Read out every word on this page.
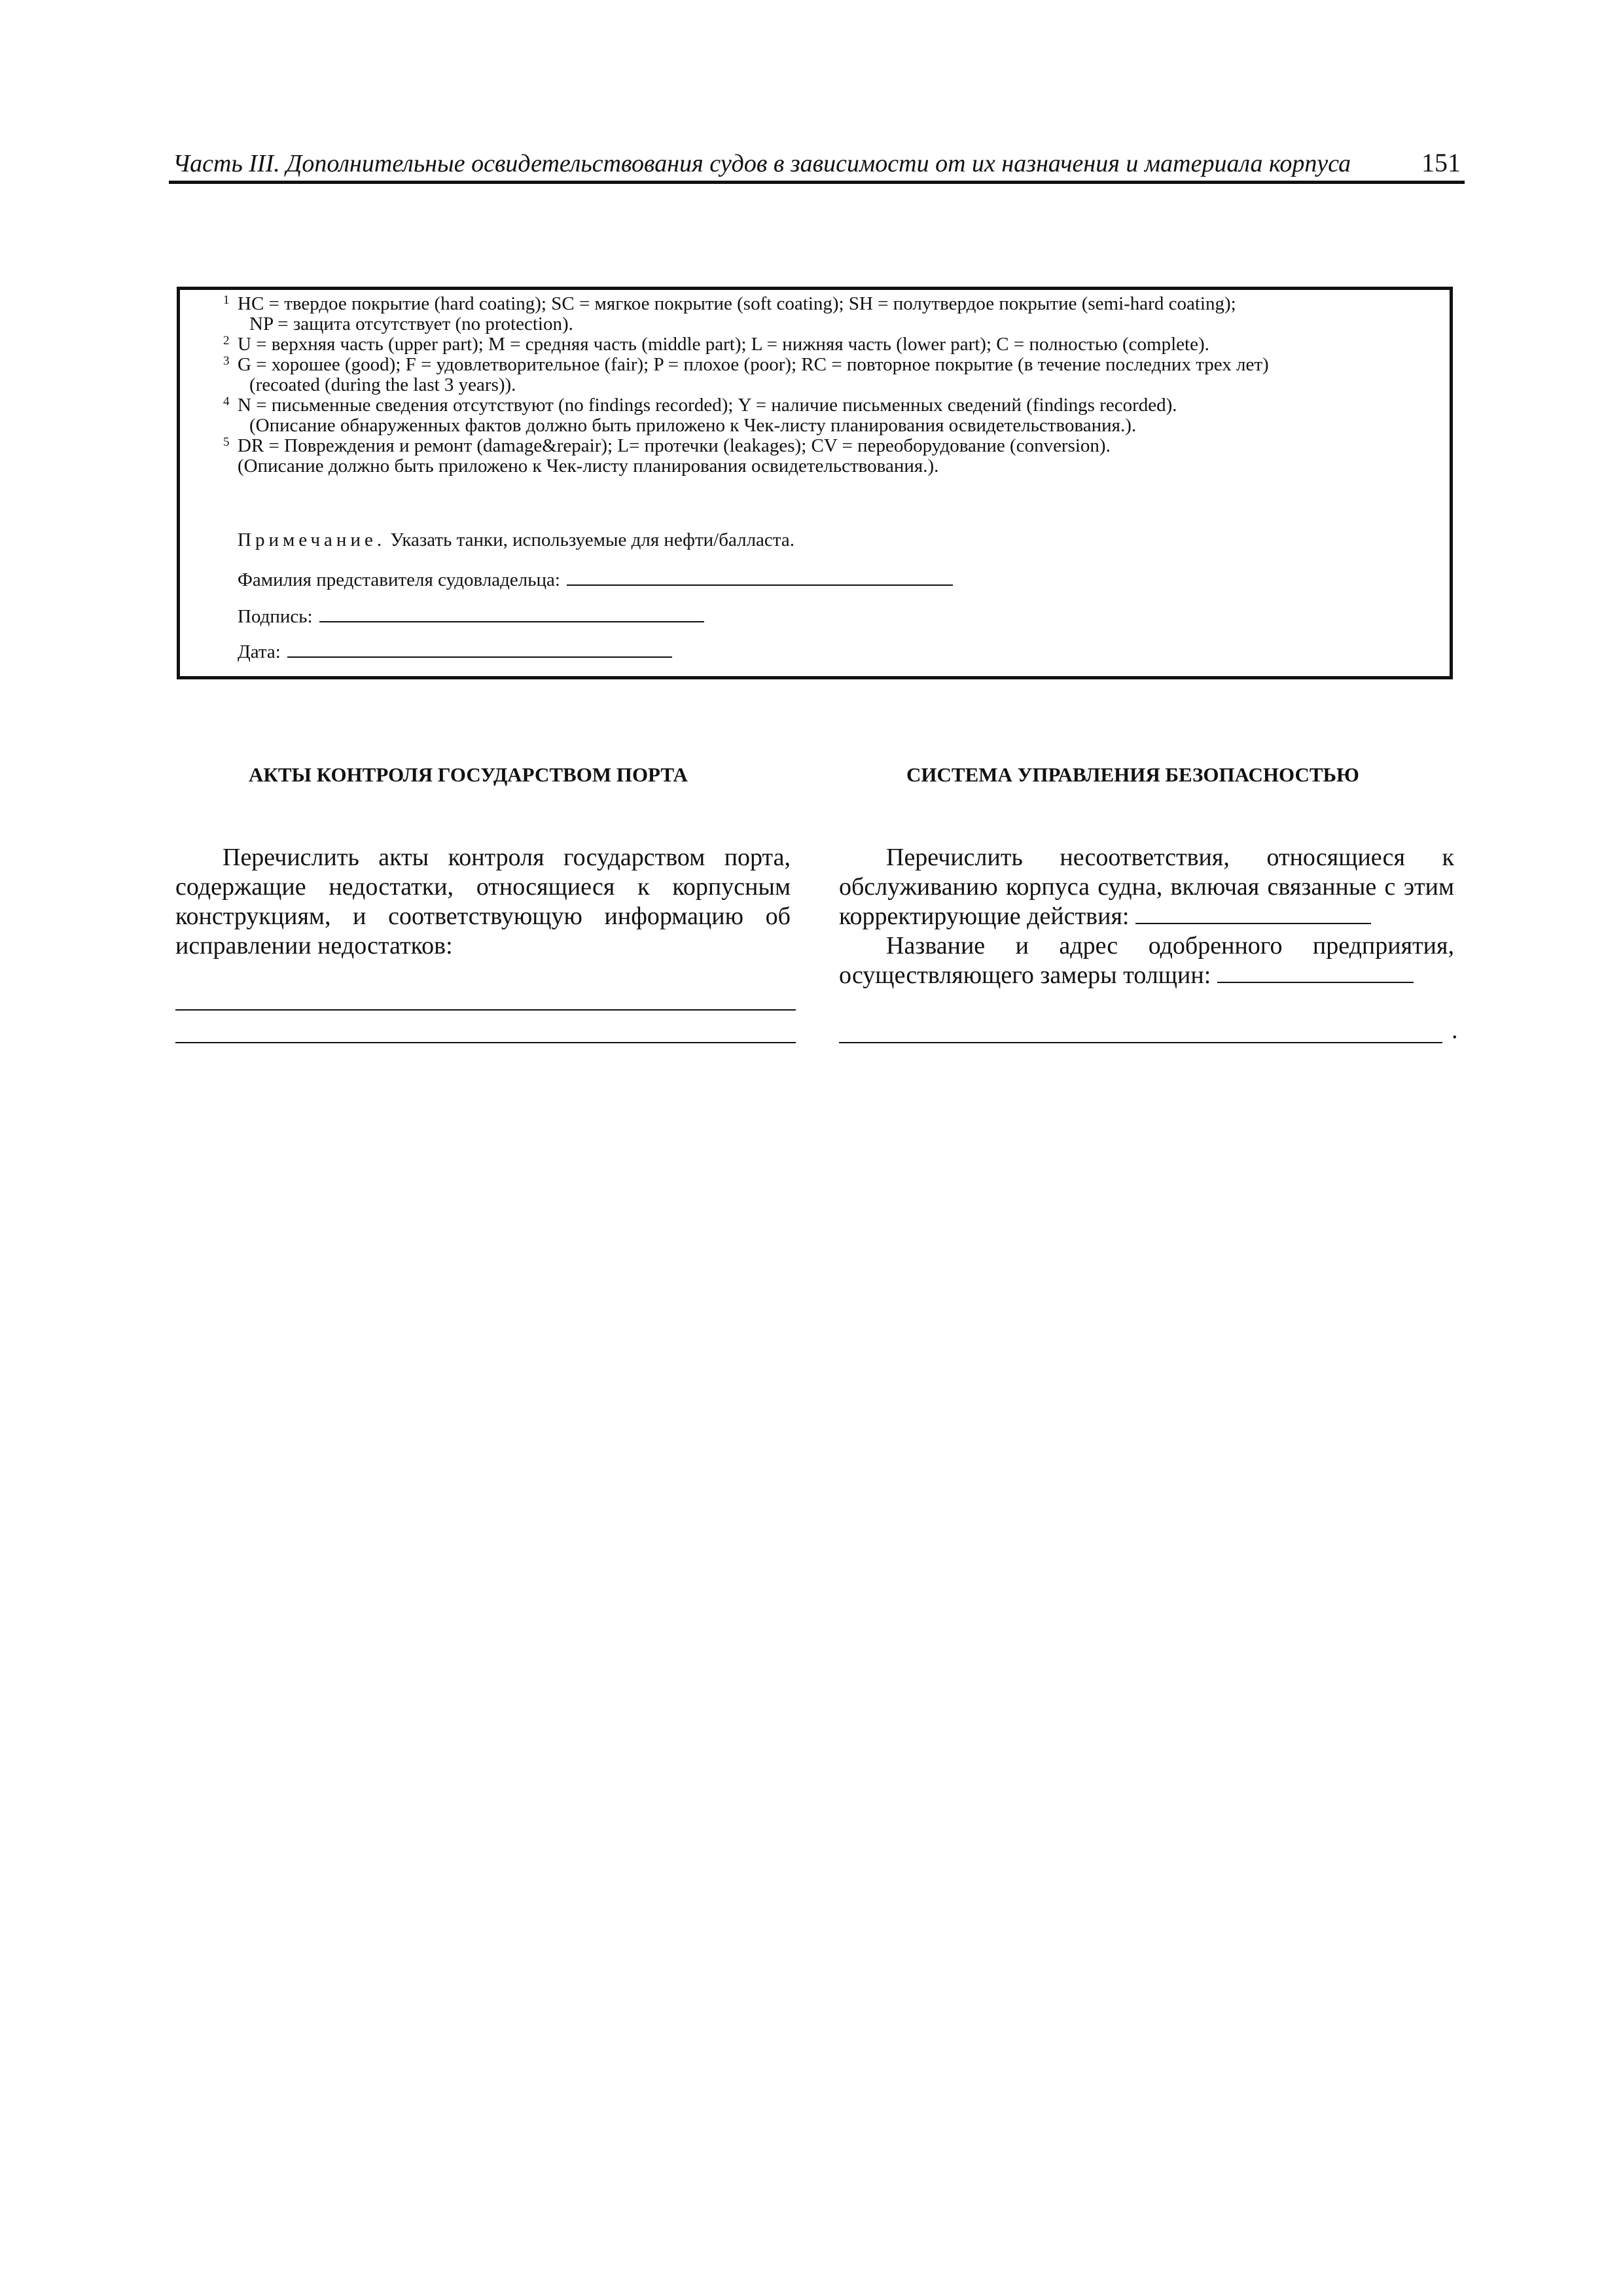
Часть III. Дополнительные освидетельствования судов в зависимости от их назначения и материала корпуса	151
1 HC = твердое покрытие (hard coating); SC = мягкое покрытие (soft coating); SH = полутвердое покрытие (semi-hard coating);
NP = защита отсутствует (no protection).
2 U = верхняя часть (upper part); M = средняя часть (middle part); L = нижняя часть (lower part); C = полностью (complete).
3 G = хорошее (good); F = удовлетворительное (fair); P = плохое (poor); RC = повторное покрытие (в течение последних трех лет)
(recoated (during the last 3 years)).
4 N = письменные сведения отсутствуют (no findings recorded); Y = наличие письменных сведений (findings recorded).
(Описание обнаруженных фактов должно быть приложено к Чек-листу планирования освидетельствования.).
5 DR = Повреждения и ремонт (damage&repair); L= протечки (leakages); CV = переоборудование (conversion).
(Описание должно быть приложено к Чек-листу планирования освидетельствования.).
Примечание. Указать танки, используемые для нефти/балласта.
Фамилия представителя судовладельца:
Подпись:
Дата:
АКТЫ КОНТРОЛЯ ГОСУДАРСТВОМ ПОРТА	СИСТЕМА УПРАВЛЕНИЯ БЕЗОПАСНОСТЬЮ

Перечислить акты контроля государством порта, содержащие недостатки, относящиеся к корпусным конструкциям, и соответствующую информацию об исправлении недостатков:

Перечислить несоответствия, относящиеся к обслуживанию корпуса судна, включая связанные с этим корректирующие действия:

Название и адрес одобренного предприятия, осуществляющего замеры толщин:

.
